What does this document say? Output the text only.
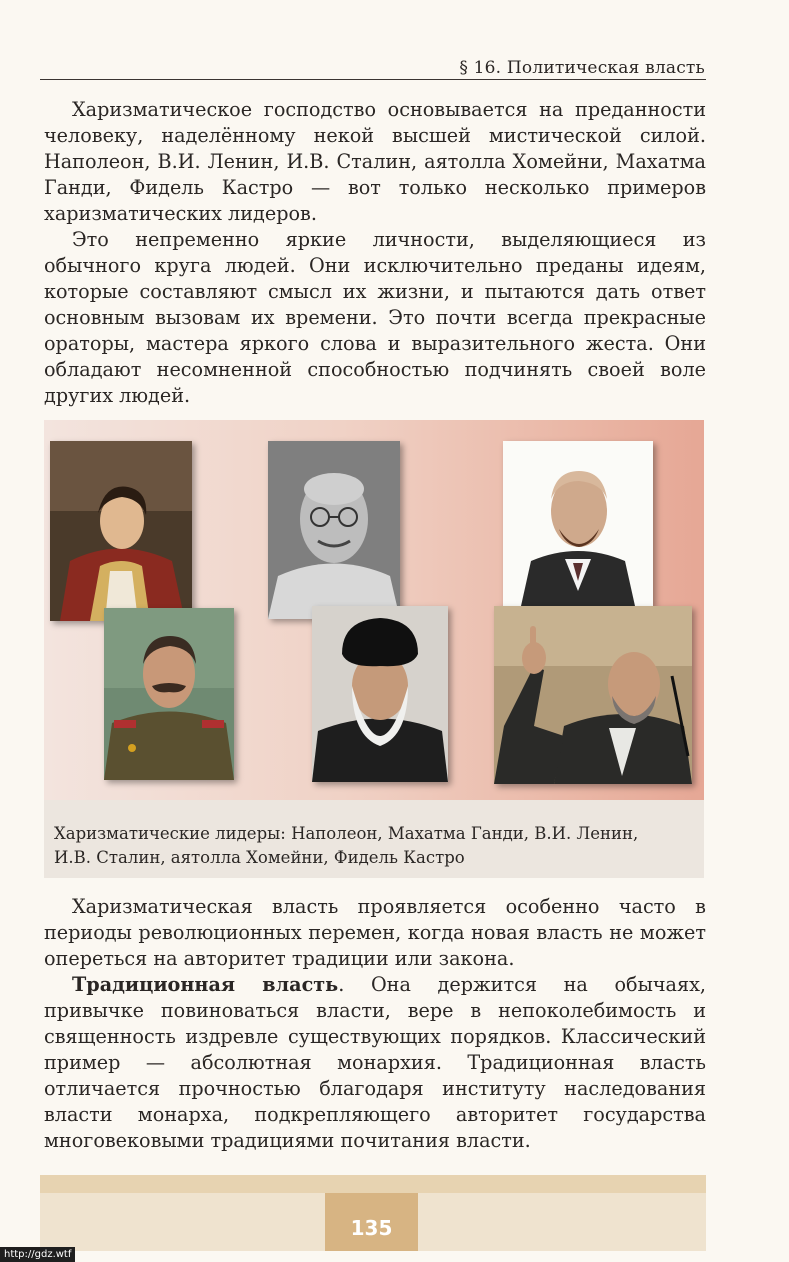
§ 16. Политическая власть

Харизматическое господство основывается на преданности человеку, наделённому некой высшей мистической силой. Наполеон, В.И. Ленин, И.В. Сталин, аятолла Хомейни, Махатма Ганди, Фидель Кастро — вот только несколько примеров харизматических лидеров.

Это непременно яркие личности, выделяющиеся из обычного круга людей. Они исключительно преданы идеям, которые составляют смысл их жизни, и пытаются дать ответ основным вызовам их времени. Это почти всегда прекрасные ораторы, мастера яркого слова и выразительного жеста. Они обладают несомненной способностью подчинять своей воле других людей.

Харизматические лидеры: Наполеон, Махатма Ганди, В.И. Ленин,
И.В. Сталин, аятолла Хомейни, Фидель Кастро

Харизматическая власть проявляется особенно часто в периоды революционных перемен, когда новая власть не может опереться на авторитет традиции или закона.

Традиционная власть. Она держится на обычаях, привычке повиноваться власти, вере в непоколебимость и священность издревле существующих порядков. Классический пример — абсолютная монархия. Традиционная власть отличается прочностью благодаря институту наследования власти монарха, подкрепляющего авторитет государства многовековыми традициями почитания власти.

135
http://gdz.wtf
